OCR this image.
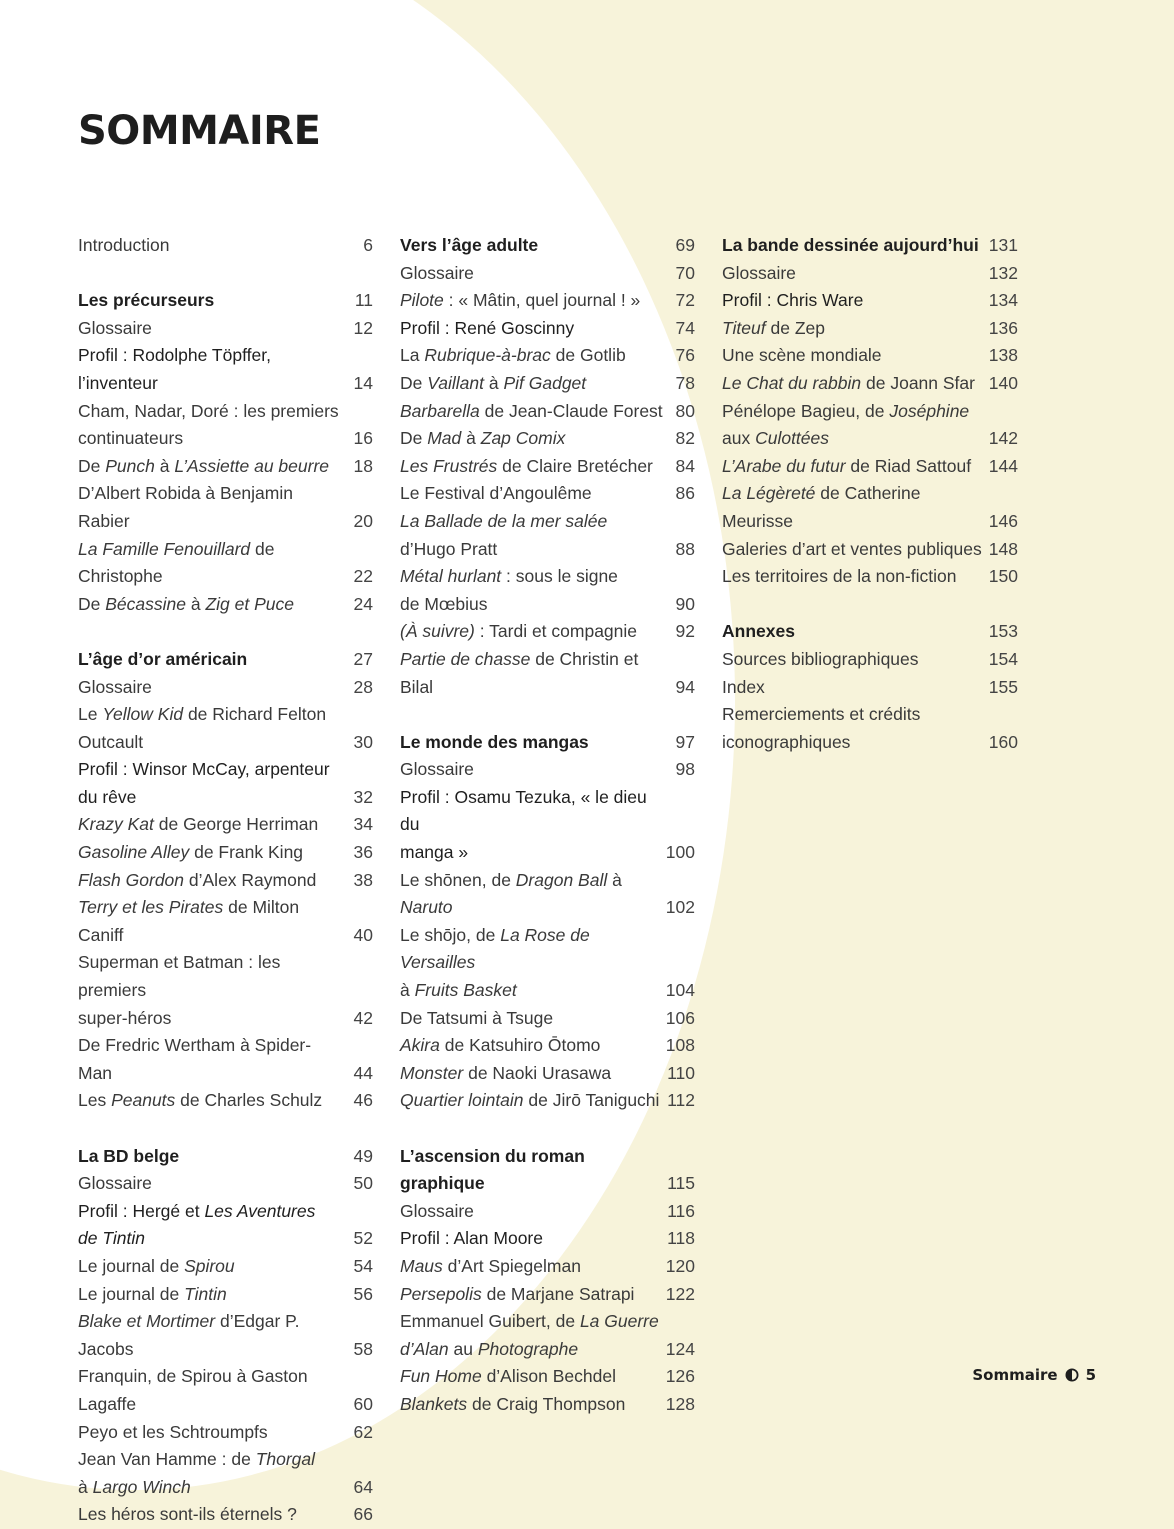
SOMMAIRE
Introduction	6
Les précurseurs	11
Glossaire	12
Profil : Rodolphe Töpffer, l’inventeur	14
Cham, Nadar, Doré : les premiers
continuateurs	16
De Punch à L’Assiette au beurre	18
D’Albert Robida à Benjamin Rabier	20
La Famille Fenouillard de Christophe	22
De Bécassine à Zig et Puce	24
L’âge d’or américain	27
Glossaire	28
Le Yellow Kid de Richard Felton
Outcault	30
Profil : Winsor McCay, arpenteur
du rêve	32
Krazy Kat de George Herriman	34
Gasoline Alley de Frank King	36
Flash Gordon d’Alex Raymond	38
Terry et les Pirates de Milton Caniff	40
Superman et Batman : les premiers
super-héros	42
De Fredric Wertham à Spider-Man	44
Les Peanuts de Charles Schulz	46
La BD belge	49
Glossaire	50
Profil : Hergé et Les Aventures
de Tintin	52
Le journal de Spirou	54
Le journal de Tintin	56
Blake et Mortimer d’Edgar P. Jacobs	58
Franquin, de Spirou à Gaston Lagaffe	60
Peyo et les Schtroumpfs	62
Jean Van Hamme : de Thorgal
à Largo Winch	64
Les héros sont-ils éternels ?	66
Vers l’âge adulte	69
Glossaire	70
Pilote : « Mâtin, quel journal ! »	72
Profil : René Goscinny	74
La Rubrique-à-brac de Gotlib	76
De Vaillant à Pif Gadget	78
Barbarella de Jean-Claude Forest 80
De Mad à Zap Comix	82
Les Frustrés de Claire Bretécher	84
Le Festival d’Angoulême	86
La Ballade de la mer salée
d’Hugo Pratt	88
Métal hurlant : sous le signe
de Mœbius	90
(À suivre) : Tardi et compagnie	92
Partie de chasse de Christin et Bilal	94
Le monde des mangas	97
Glossaire	98
Profil : Osamu Tezuka, « le dieu du
manga »	100
Le shōnen, de Dragon Ball à Naruto	102
Le shōjo, de La Rose de Versailles
à Fruits Basket	104
De Tatsumi à Tsuge	106
Akira de Katsuhiro Ōtomo	108
Monster de Naoki Urasawa	110
Quartier lointain de Jirō Taniguchi 112
L’ascension du roman graphique	115
Glossaire	116
Profil : Alan Moore	118
Maus d’Art Spiegelman	120
Persepolis de Marjane Satrapi	122
Emmanuel Guibert, de La Guerre
d’Alan au Photographe	124
Fun Home d’Alison Bechdel	126
Blankets de Craig Thompson	128
La bande dessinée aujourd’hui 131
Glossaire	132
Profil : Chris Ware	134
Titeuf de Zep	136
Une scène mondiale	138
Le Chat du rabbin de Joann Sfar 140
Pénélope Bagieu, de Joséphine
aux Culottées	142
L’Arabe du futur de Riad Sattouf	144
La Légèreté de Catherine Meurisse	146
Galeries d’art et ventes publiques 148
Les territoires de la non-fiction	150
Annexes	153
Sources bibliographiques	154
Index	155
Remerciements et crédits
iconographiques	160
Sommaire 5
